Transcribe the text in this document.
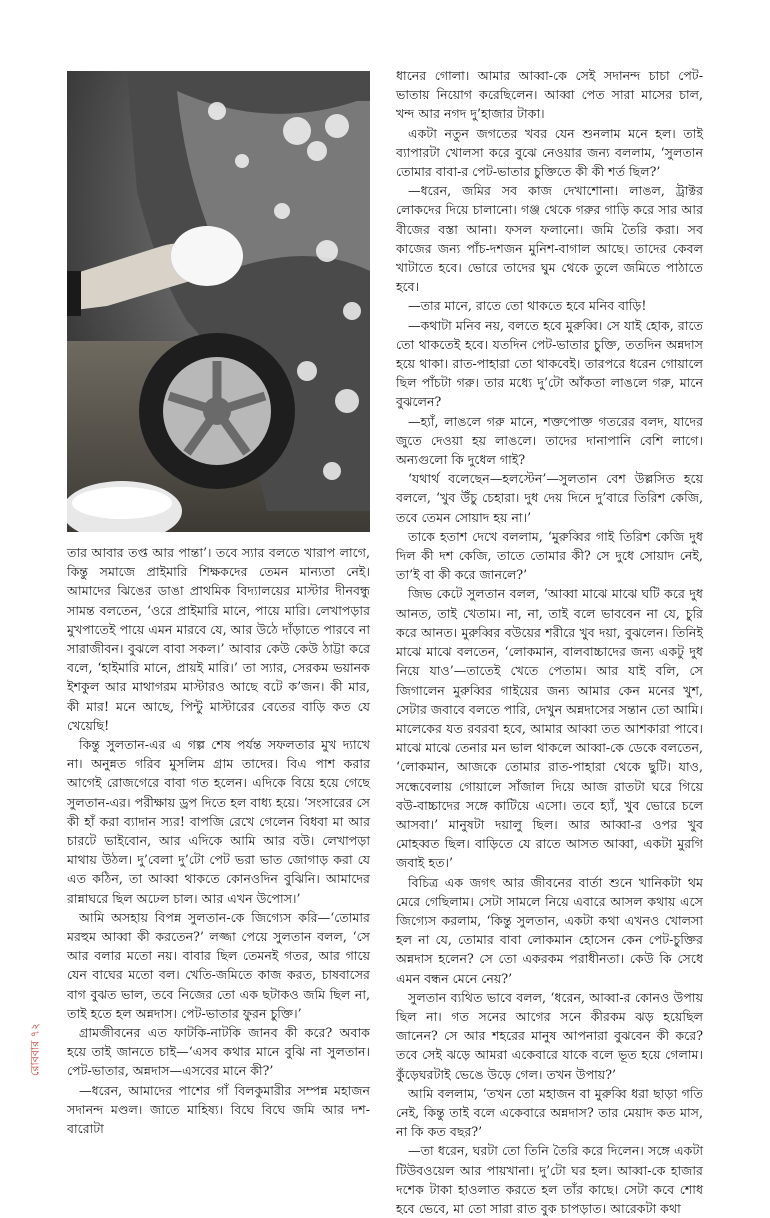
রোববার ৭২

তার আবার তপ্ত আর পান্তা’। তবে স্যার বলতে খারাপ লাগে, কিন্তু সমাজে প্রাইমারি শিক্ষকদের তেমন মান্যতা নেই। আমাদের ঝিঙের ডাঙা প্রাথমিক বিদ্যালয়ের মাস্টার দীনবন্ধু সামন্ত বলতেন, ‘ওরে প্রাইমারি মানে, পায়ে মারি। লেখাপড়ার মুখপাতেই পায়ে এমন মারবে যে, আর উঠে দাঁড়াতে পারবে না সারাজীবন। বুঝলে বাবা সকল।’ আবার কেউ কেউ ঠাট্টা করে বলে, ‘হাইমারি মানে, প্রায়ই মারি।’ তা স্যার, সেরকম ভয়ানক ইশকুল আর মাথাগরম মাস্টারও আছে বটে ক’জন। কী মার, কী মার! মনে আছে, পিন্টু মাস্টারের বেতের বাড়ি কত যে খেয়েছি!

কিন্তু সুলতান-এর এ গল্প শেষ পর্যন্ত সফলতার মুখ দ্যাখে না। অনুন্নত গরিব মুসলিম গ্রাম তাদের। বিএ পাশ করার আগেই রোজগেরে বাবা গত হলেন। এদিকে বিয়ে হয়ে গেছে সুলতান-এর। পরীক্ষায় ড্রপ দিতে হল বাধ্য হয়ে। ‘সংসারের সে কী হাঁ করা ব্যাদান স্যর! বাপজি রেখে গেলেন বিধবা মা আর চারটে ভাইবোন, আর এদিকে আমি আর বউ। লেখাপড়া মাথায় উঠল। দু’বেলা দু’টো পেট ভরা ভাত জোগাড় করা যে এত কঠিন, তা আব্বা থাকতে কোনওদিন বুঝিনি। আমাদের রান্নাঘরে ছিল অঢেল চাল। আর এখন উপোস।’

আমি অসহায় বিপন্ন সুলতান-কে জিগ্যেস করি—‘তোমার মরহুম আব্বা কী করতেন?’ লজ্জা পেয়ে সুলতান বলল, ‘সে আর বলার মতো নয়। বাবার ছিল তেমনই গতর, আর গায়ে যেন বাঘের মতো বল। খেতি-জমিতে কাজ করত, চাষবাসের বাগ বুঝত ভাল, তবে নিজের তো এক ছটাকও জমি ছিল না, তাই হতে হল অন্নদাস। পেট-ভাতার ফুরন চুক্তি।’

গ্রামজীবনের এত ফাটকি-নাটকি জানব কী করে? অবাক হয়ে তাই জানতে চাই—‘এসব কথার মানে বুঝি না সুলতান। পেট-ভাতার, অন্নদাস—এসবের মানে কী?’

—ধরেন, আমাদের পাশের গাঁ বিলকুমারীর সম্পন্ন মহাজন সদানন্দ মণ্ডল। জাতে মাহিষ্য। বিঘে বিঘে জমি আর দশ-বারোটা

ধানের গোলা। আমার আব্বা-কে সেই সদানন্দ চাচা পেট-ভাতায় নিয়োগ করেছিলেন। আব্বা পেত সারা মাসের চাল, খন্দ আর নগদ দু’হাজার টাকা।

একটা নতুন জগতের খবর যেন শুনলাম মনে হল। তাই ব্যাপারটা খোলসা করে বুঝে নেওয়ার জন্য বললাম, ‘সুলতান তোমার বাবা-র পেট-ভাতার চুক্তিতে কী কী শর্ত ছিল?’

—ধরেন, জমির সব কাজ দেখাশোনা। লাঙল, ট্রাক্টর লোকদের দিয়ে চালানো। গঞ্জ থেকে গরুর গাড়ি করে সার আর বীজের বস্তা আনা। ফসল ফলানো। জমি তৈরি করা। সব কাজের জন্য পাঁচ-দশজন মুনিশ-বাগাল আছে। তাদের কেবল খাটাতে হবে। ভোরে তাদের ঘুম থেকে তুলে জমিতে পাঠাতে হবে।

—তার মানে, রাতে তো থাকতে হবে মনিব বাড়ি!

—কথাটা মনিব নয়, বলতে হবে মুরুব্বি। সে যাই হোক, রাতে তো থাকতেই হবে। যতদিন পেট-ভাতার চুক্তি, ততদিন অন্নদাস হয়ে থাকা। রাত-পাহারা তো থাকবেই। তারপরে ধরেন গোয়ালে ছিল পাঁচটা গরু। তার মধ্যে দু’টো আঁকতা লাঙলে গরু, মানে বুঝলেন?

—হ্যাঁ, লাঙলে গরু মানে, শক্তপোক্ত গতরের বলদ, যাদের জুতে দেওয়া হয় লাঙলে। তাদের দানাপানি বেশি লাগে। অন্যগুলো কি দুধেল গাই?

‘যথার্থ বলেছেন—হলস্টেন’—সুলতান বেশ উল্লসিত হয়ে বললে, ‘খুব উঁচু চেহারা। দুধ দেয় দিনে দু’বারে তিরিশ কেজি, তবে তেমন সোয়াদ হয় না।’

তাকে হতাশ দেখে বললাম, ‘মুরুব্বির গাই তিরিশ কেজি দুধ দিল কী দশ কেজি, তাতে তোমার কী? সে দুধে সোয়াদ নেই, তা’ই বা কী করে জানলে?’

জিভ কেটে সুলতান বলল, ‘আব্বা মাঝে মাঝে ঘটি করে দুধ আনত, তাই খেতাম। না, না, তাই বলে ভাববেন না যে, চুরি করে আনত। মুরুব্বির বউয়ের শরীরে খুব দয়া, বুঝলেন। তিনিই মাঝে মাঝে বলতেন, ‘লোকমান, বালবাচ্চাদের জন্য একটু দুধ নিয়ে যাও’—তাতেই খেতে পেতাম। আর যাই বলি, সে জিগালেন মুরুব্বির গাইয়ের জন্য আমার কেন মনের খুশ, সেটার জবাবে বলতে পারি, দেখুন অন্নদাসের সন্তান তো আমি। মালেকের যত রবরবা হবে, আমার আব্বা তত আশকারা পাবে। মাঝে মাঝে তেনার মন ভাল থাকলে আব্বা-কে ডেকে বলতেন, ‘লোকমান, আজকে তোমার রাত-পাহারা থেকে ছুটি। যাও, সন্ধেবেলায় গোয়ালে সাঁজাল দিয়ে আজ রাতটা ঘরে গিয়ে বউ-বাচ্চাদের সঙ্গে কাটিয়ে এসো। তবে হ্যাঁ, খুব ভোরে চলে আসবা।’ মানুষটা দয়ালু ছিল। আর আব্বা-র ওপর খুব মোহব্বত ছিল। বাড়িতে যে রাতে আসত আব্বা, একটা মুরগি জবাই হত।’

বিচিত্র এক জগৎ আর জীবনের বার্তা শুনে খানিকটা থম মেরে গেছিলাম। সেটা সামলে নিয়ে এবারে আসল কথায় এসে জিগ্যেস করলাম, ‘কিন্তু সুলতান, একটা কথা এখনও খোলসা হল না যে, তোমার বাবা লোকমান হোসেন কেন পেট-চুক্তির অন্নদাস হলেন? সে তো একরকম পরাধীনতা। কেউ কি সেধে এমন বন্ধন মেনে নেয়?’

সুলতান ব্যথিত ভাবে বলল, ‘ধরেন, আব্বা-র কোনও উপায় ছিল না। গত সনের আগের সনে কীরকম ঝড় হয়েছিল জানেন? সে আর শহরের মানুষ আপনারা বুঝবেন কী করে? তবে সেই ঝড়ে আমরা একেবারে যাকে বলে ভূত হয়ে গেলাম। কুঁড়েঘরটাই ভেঙে উড়ে গেল। তখন উপায়?’

আমি বললাম, ‘তখন তো মহাজন বা মুরুব্বি ধরা ছাড়া গতি নেই, কিন্তু তাই বলে একেবারে অন্নদাস? তার মেয়াদ কত মাস, না কি কত বছর?’

—তা ধরেন, ঘরটা তো তিনি তৈরি করে দিলেন। সঙ্গে একটা টিউবওয়েল আর পায়খানা। দু’টো ঘর হল। আব্বা-কে হাজার দশেক টাকা হাওলাত করতে হল তাঁর কাছে। সেটা কবে শোধ হবে ভেবে, মা তো সারা রাত বুক চাপড়াত। আরেকটা কথা
